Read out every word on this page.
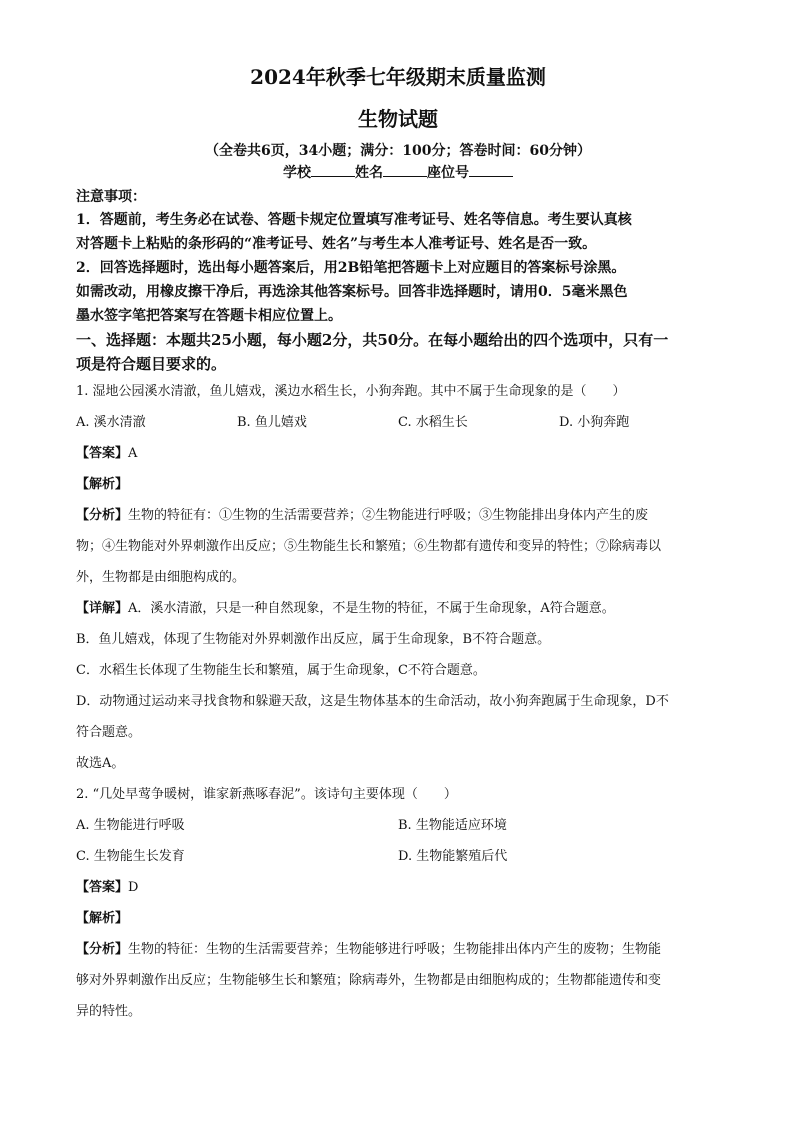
2024年秋季七年级期末质量监测
生物试题
（全卷共6页，34小题；满分：100分；答卷时间：60分钟）
学校	姓名	座位号
注意事项：
1．答题前，考生务必在试卷、答题卡规定位置填写准考证号、姓名等信息。考生要认真核
对答题卡上粘贴的条形码的“准考证号、姓名”与考生本人准考证号、姓名是否一致。
2．回答选择题时，选出每小题答案后，用2B铅笔把答题卡上对应题目的答案标号涂黑。
如需改动，用橡皮擦干净后，再选涂其他答案标号。回答非选择题时，请用0．5毫米黑色
墨水签字笔把答案写在答题卡相应位置上。
一、选择题：本题共25小题，每小题2分，共50分。在每小题给出的四个选项中，只有一
项是符合题目要求的。
1. 湿地公园溪水清澈，鱼儿嬉戏，溪边水稻生长，小狗奔跑。其中不属于生命现象的是（　　）
A. 溪水清澈	B. 鱼儿嬉戏	C. 水稻生长	D. 小狗奔跑
【答案】A
【解析】
【分析】生物的特征有：①生物的生活需要营养；②生物能进行呼吸；③生物能排出身体内产生的废
物；④生物能对外界刺激作出反应；⑤生物能生长和繁殖；⑥生物都有遗传和变异的特性；⑦除病毒以
外，生物都是由细胞构成的。
【详解】A．溪水清澈，只是一种自然现象，不是生物的特征，不属于生命现象，A符合题意。
B．鱼儿嬉戏，体现了生物能对外界刺激作出反应，属于生命现象，B不符合题意。
C．水稻生长体现了生物能生长和繁殖，属于生命现象，C不符合题意。
D．动物通过运动来寻找食物和躲避天敌，这是生物体基本的生命活动，故小狗奔跑属于生命现象，D不
符合题意。
故选A。
2. “几处早莺争暖树，谁家新燕啄春泥”。该诗句主要体现（　　）
A. 生物能进行呼吸	B. 生物能适应环境
C. 生物能生长发育	D. 生物能繁殖后代
【答案】D
【解析】
【分析】生物的特征：生物的生活需要营养；生物能够进行呼吸；生物能排出体内产生的废物；生物能
够对外界刺激作出反应；生物能够生长和繁殖；除病毒外，生物都是由细胞构成的；生物都能遗传和变
异的特性。
